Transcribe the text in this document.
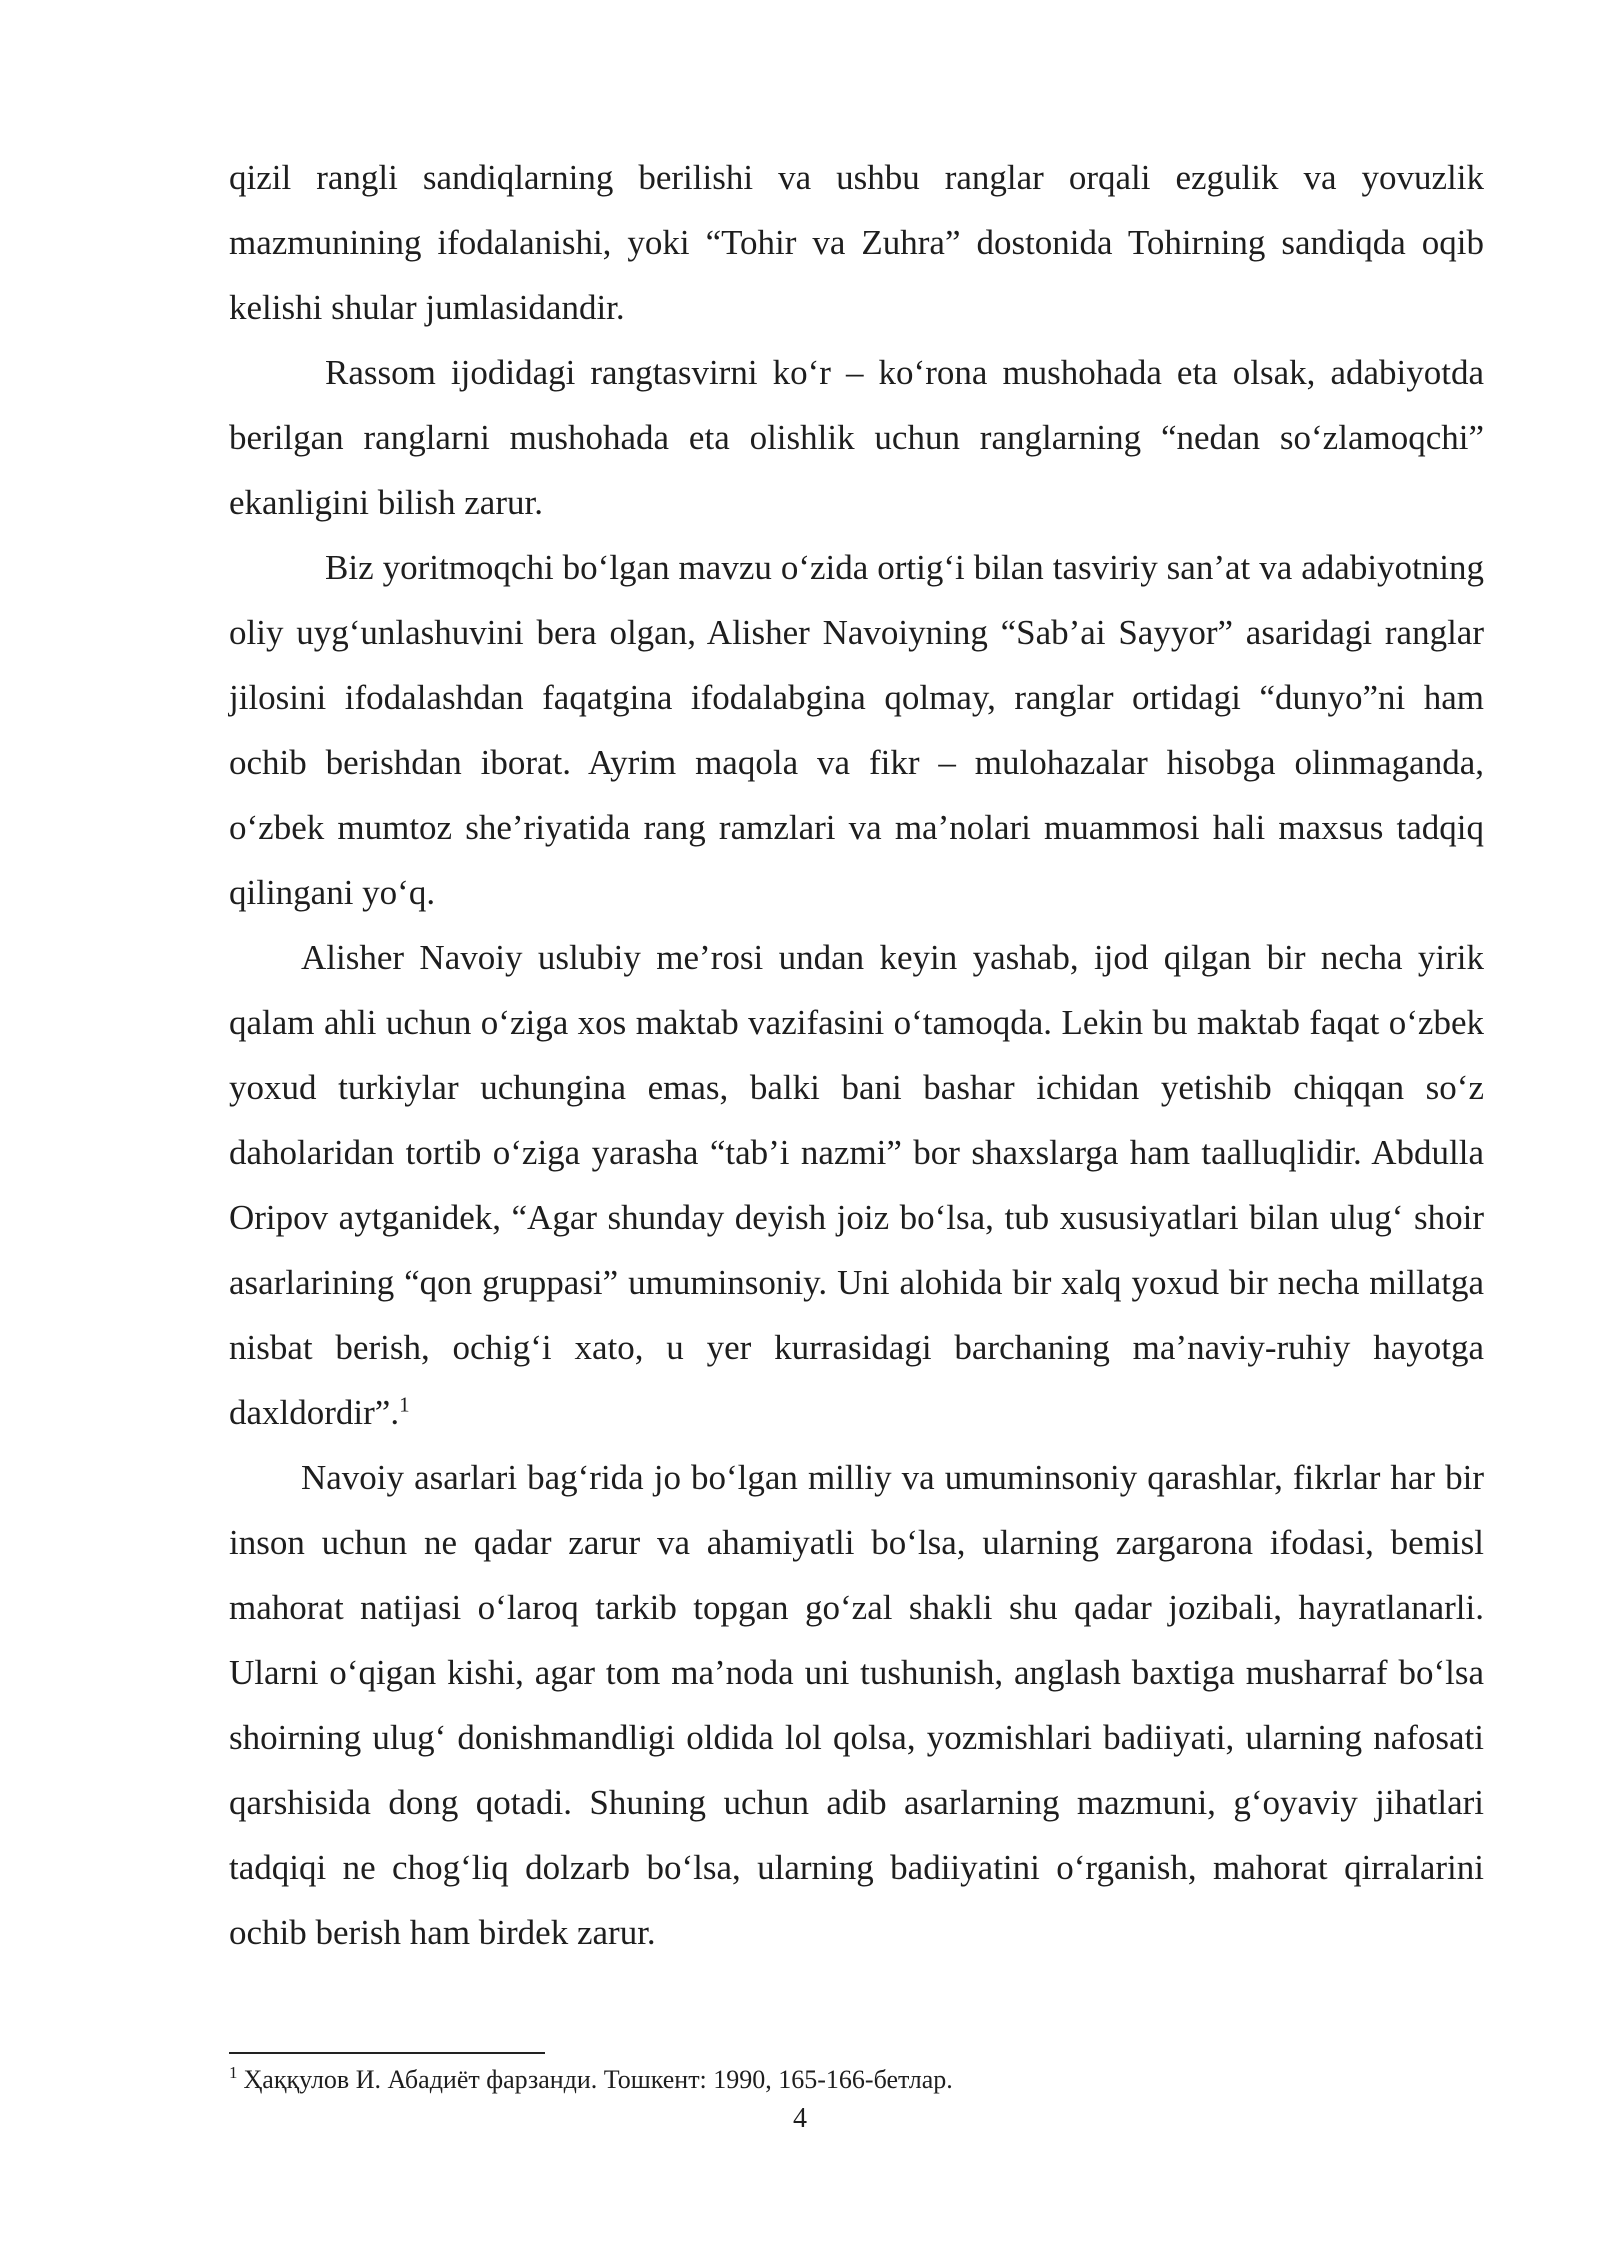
qizil rangli sandiqlarning berilishi va ushbu ranglar orqali ezgulik va yovuzlik mazmunining ifodalanishi, yoki “Tohir va Zuhra” dostonida Tohirning sandiqda oqib kelishi shular jumlasidandir.

Rassom ijodidagi rangtasvirni ko‘r – ko‘rona mushohada eta olsak, adabiyotda berilgan ranglarni mushohada eta olishlik uchun ranglarning “nedan so‘zlamoqchi” ekanligini bilish zarur.

Biz yoritmoqchi bo‘lgan mavzu o‘zida ortig‘i bilan tasviriy san’at va adabiyotning oliy uyg‘unlashuvini bera olgan, Alisher Navoiyning “Sab’ai Sayyor” asaridagi ranglar jilosini ifodalashdan faqatgina ifodalabgina qolmay, ranglar ortidagi “dunyo”ni ham ochib berishdan iborat. Ayrim maqola va fikr – mulohazalar hisobga olinmaganda, o‘zbek mumtoz she’riyatida rang ramzlari va ma’nolari muammosi hali maxsus tadqiq qilingani yo‘q.

Alisher Navoiy uslubiy me’rosi undan keyin yashab, ijod qilgan bir necha yirik qalam ahli uchun o‘ziga xos maktab vazifasini o‘tamoqda. Lekin bu maktab faqat o‘zbek yoxud turkiylar uchungina emas, balki bani bashar ichidan yetishib chiqqan so‘z daholaridan tortib o‘ziga yarasha “tab’i nazmi” bor shaxslarga ham taalluqlidir. Abdulla Oripov aytganidek, “Agar shunday deyish joiz bo‘lsa, tub xususiyatlari bilan ulug‘ shoir asarlarining “qon gruppasi” umuminsoniy. Uni alohida bir xalq yoxud bir necha millatga nisbat berish, ochig‘i xato, u yer kurrasidagi barchaning ma’naviy-ruhiy hayotga daxldordir”.$^1$

Navoiy asarlari bag‘rida jo bo‘lgan milliy va umuminsoniy qarashlar, fikrlar har bir inson uchun ne qadar zarur va ahamiyatli bo‘lsa, ularning zargarona ifodasi, bemisl mahorat natijasi o‘laroq tarkib topgan go‘zal shakli shu qadar jozibali, hayratlanarli. Ularni o‘qigan kishi, agar tom ma’noda uni tushunish, anglash baxtiga musharraf bo‘lsa shoirning ulug‘ donishmandligi oldida lol qolsa, yozmishlari badiiyati, ularning nafosati qarshisida dong qotadi. Shuning uchun adib asarlarning mazmuni, g‘oyaviy jihatlari tadqiqi ne chog‘liq dolzarb bo‘lsa, ularning badiiyatini o‘rganish, mahorat qirralarini ochib berish ham birdek zarur.

$^1$ Ҳаққулов И. Абадиёт фарзанди. Тошкент: 1990, 165-166-бетлар.
4
